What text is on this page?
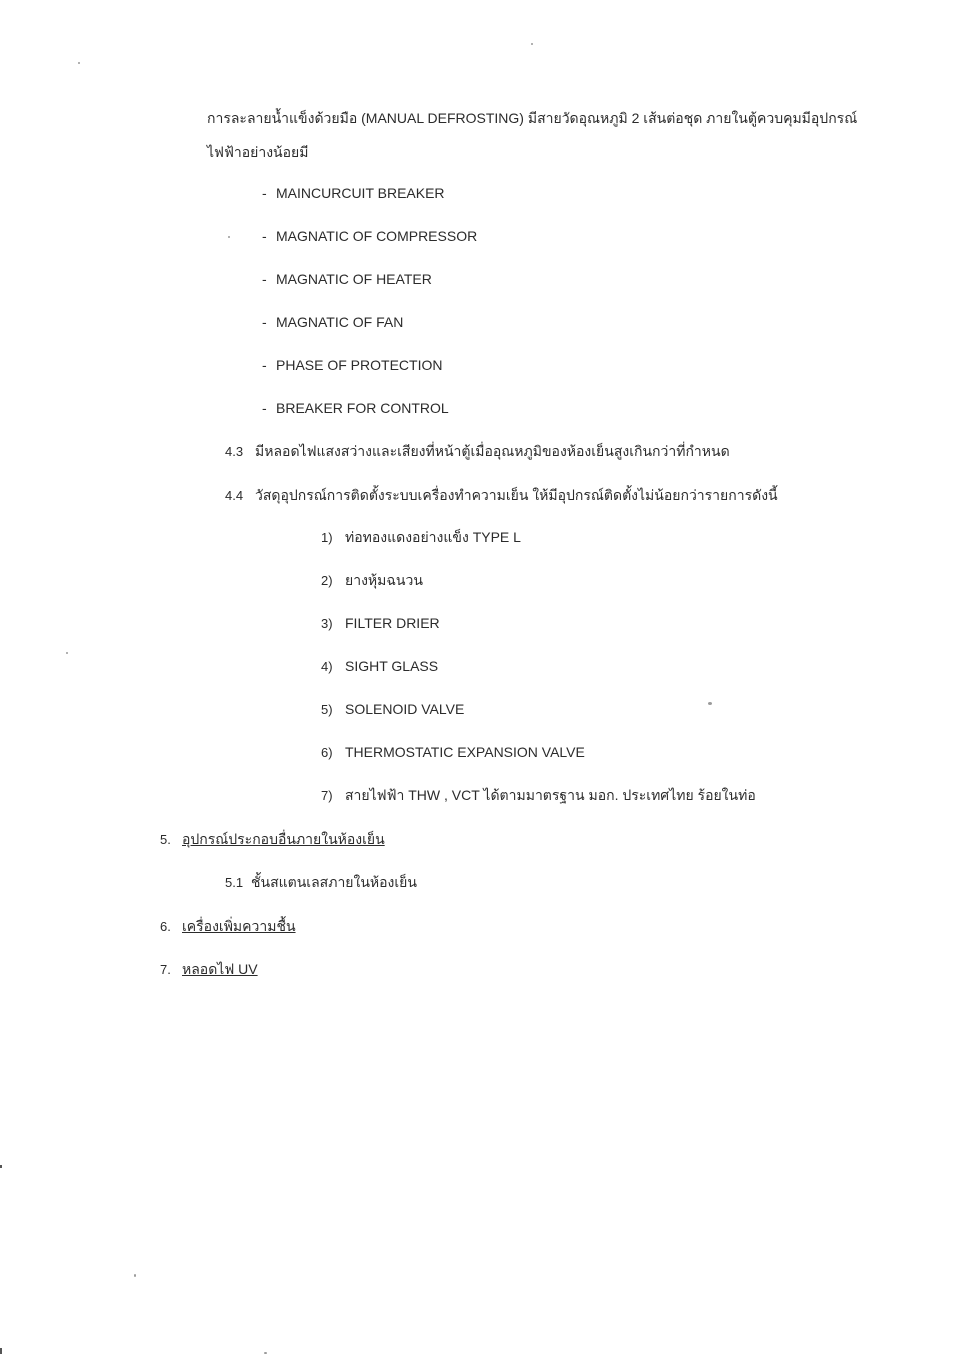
การละลายน้ำแข็งด้วยมือ (MANUAL DEFROSTING) มีสายวัดอุณหภูมิ 2 เส้นต่อชุด ภายในตู้ควบคุมมีอุปกรณ์
ไฟฟ้าอย่างน้อยมี
- MAINCURCUIT BREAKER
- MAGNATIC OF COMPRESSOR
- MAGNATIC OF HEATER
- MAGNATIC OF FAN
- PHASE OF PROTECTION
- BREAKER FOR CONTROL
4.3 มีหลอดไฟแสงสว่างและเสียงที่หน้าตู้เมื่ออุณหภูมิของห้องเย็นสูงเกินกว่าที่กำหนด
4.4 วัสดุอุปกรณ์การติดตั้งระบบเครื่องทำความเย็น ให้มีอุปกรณ์ติดตั้งไม่น้อยกว่ารายการดังนี้
1) ท่อทองแดงอย่างแข็ง TYPE L
2) ยางหุ้มฉนวน
3) FILTER DRIER
4) SIGHT GLASS
5) SOLENOID VALVE
6) THERMOSTATIC EXPANSION VALVE
7) สายไฟฟ้า THW , VCT ได้ตามมาตรฐาน มอก. ประเทศไทย ร้อยในท่อ
5. อุปกรณ์ประกอบอื่นภายในห้องเย็น
5.1 ชั้นสแตนเลสภายในห้องเย็น
6. เครื่องเพิ่มความชื้น
7. หลอดไฟ UV
